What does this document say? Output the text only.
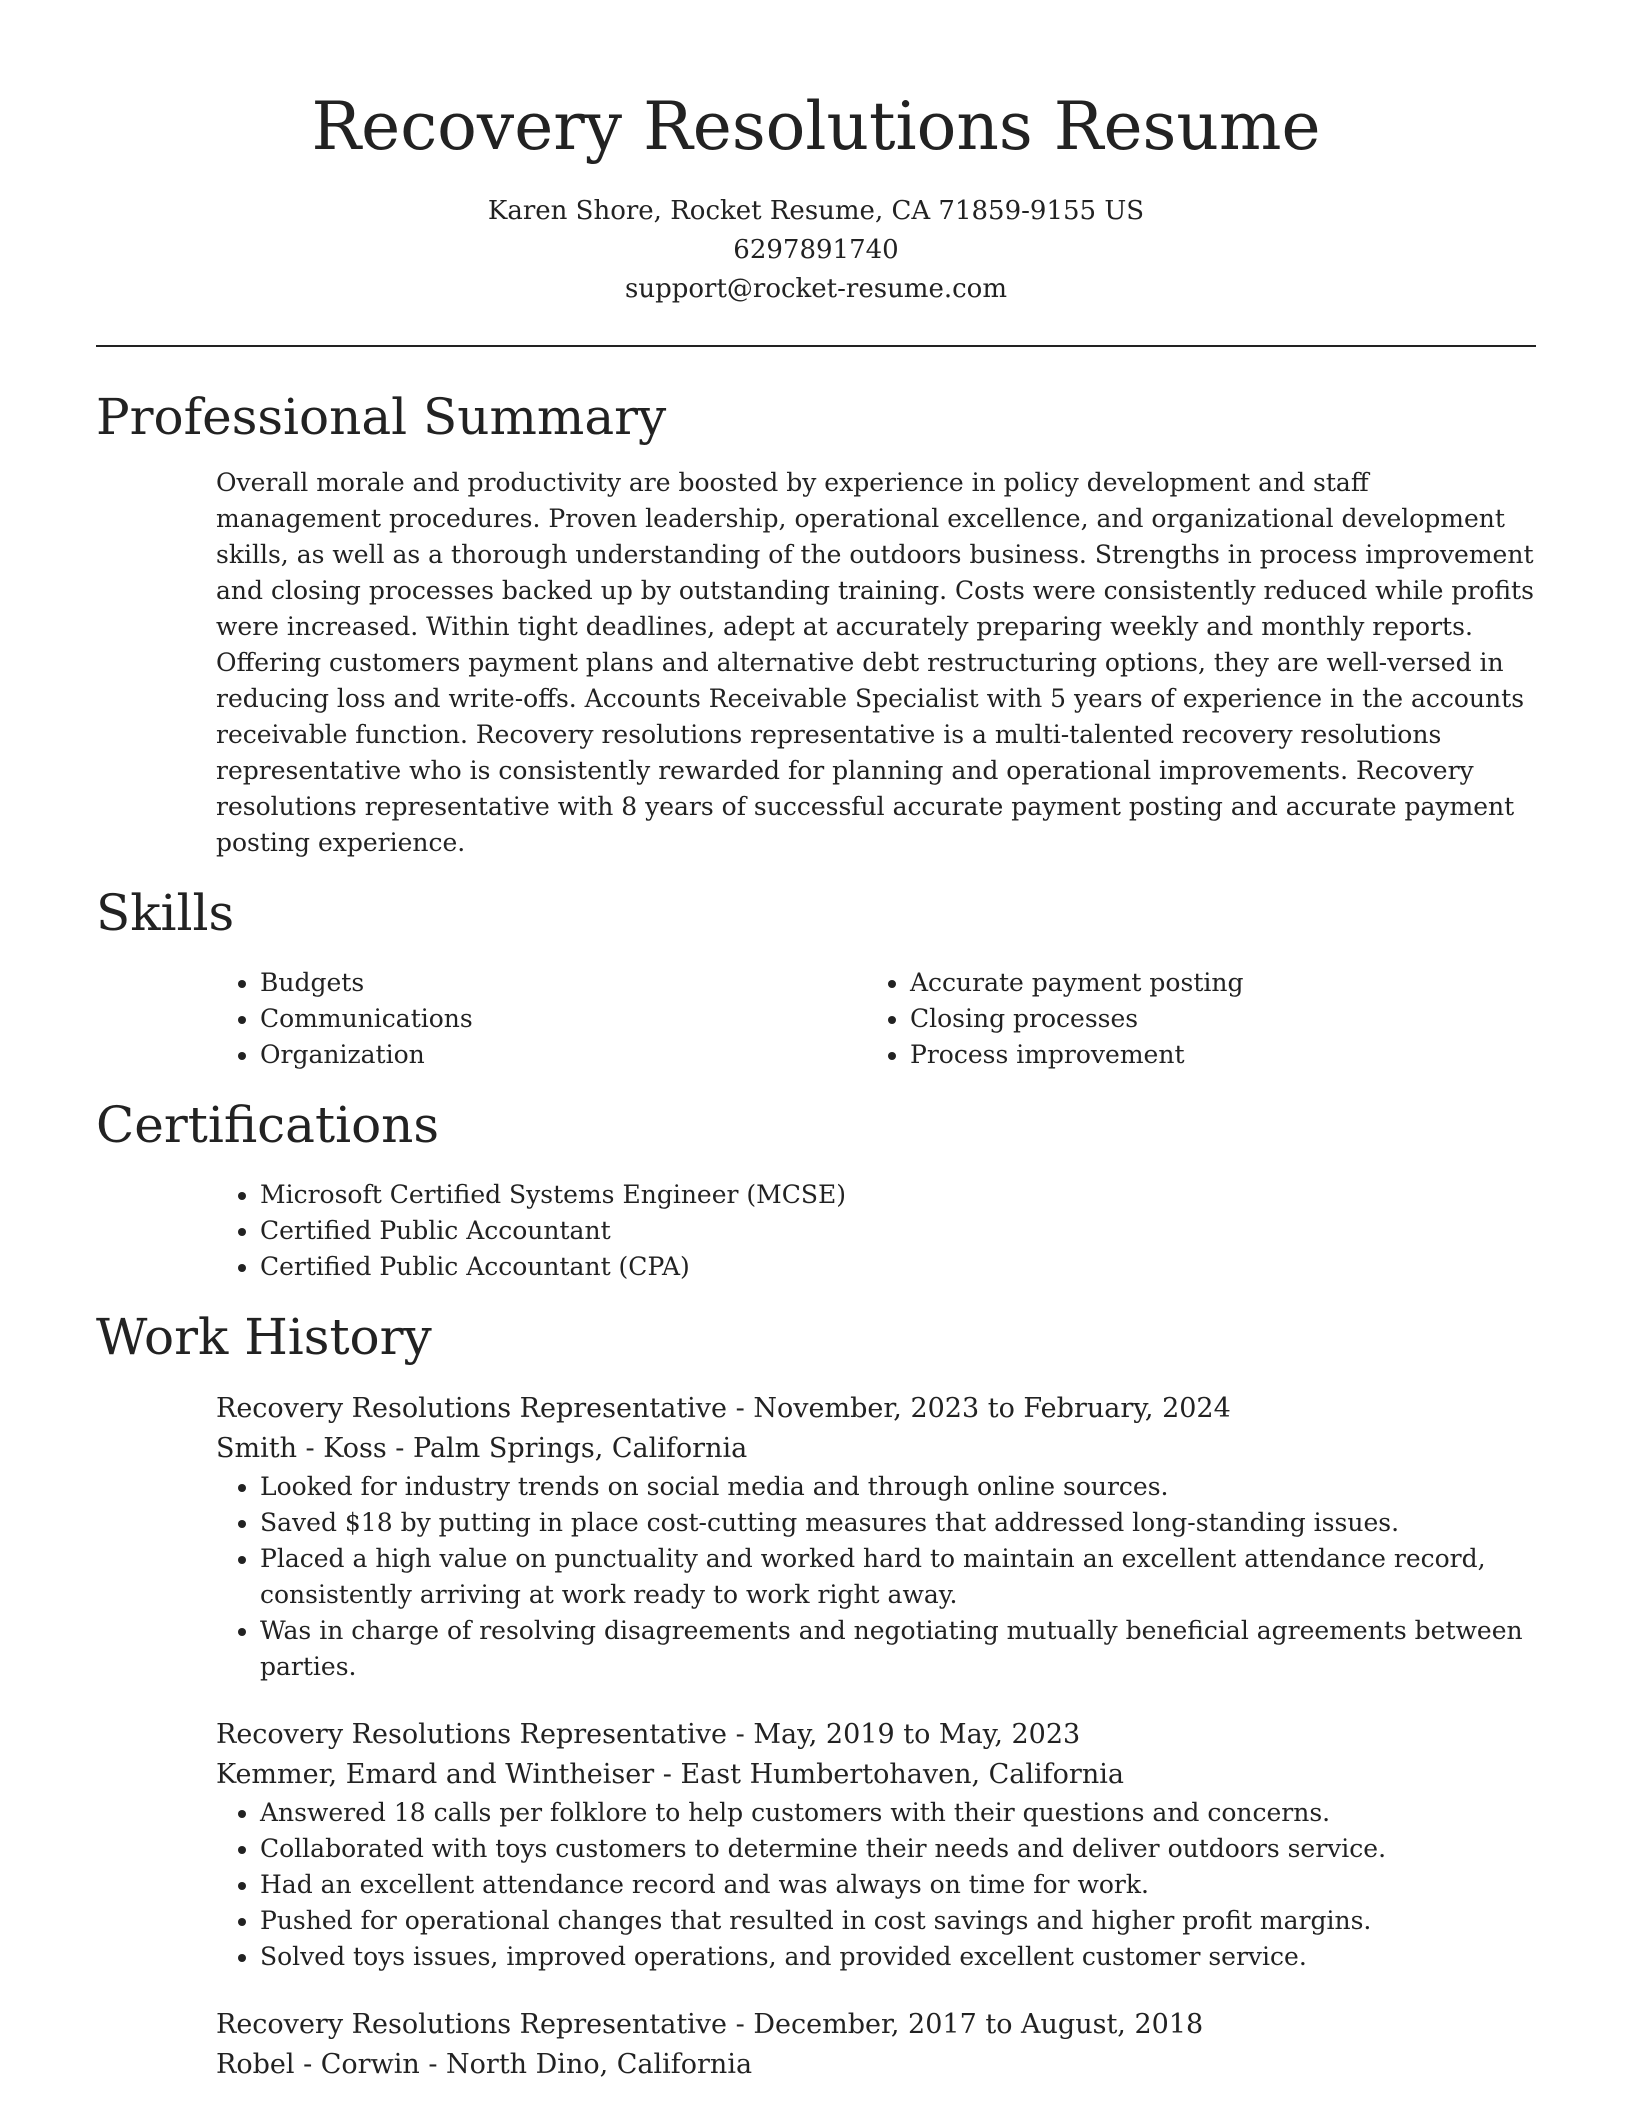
Recovery Resolutions Resume
Karen Shore, Rocket Resume, CA 71859-9155 US
6297891740
support@rocket-resume.com
Professional Summary

Overall morale and productivity are boosted by experience in policy development and staff management procedures. Proven leadership, operational excellence, and organizational development skills, as well as a thorough understanding of the outdoors business. Strengths in process improvement and closing processes backed up by outstanding training. Costs were consistently reduced while profits were increased. Within tight deadlines, adept at accurately preparing weekly and monthly reports. Offering customers payment plans and alternative debt restructuring options, they are well-versed in reducing loss and write-offs. Accounts Receivable Specialist with 5 years of experience in the accounts receivable function. Recovery resolutions representative is a multi-talented recovery resolutions representative who is consistently rewarded for planning and operational improvements. Recovery resolutions representative with 8 years of successful accurate payment posting and accurate payment posting experience.

Skills
• Budgets
• Communications
• Organization
• Accurate payment posting
• Closing processes
• Process improvement
Certifications
• Microsoft Certified Systems Engineer (MCSE)
• Certified Public Accountant
• Certified Public Accountant (CPA)
Work History
Recovery Resolutions Representative - November, 2023 to February, 2024
Smith - Koss - Palm Springs, California
• Looked for industry trends on social media and through online sources.
• Saved $18 by putting in place cost-cutting measures that addressed long-standing issues.
• Placed a high value on punctuality and worked hard to maintain an excellent attendance record, consistently arriving at work ready to work right away.
• Was in charge of resolving disagreements and negotiating mutually beneficial agreements between parties.
Recovery Resolutions Representative - May, 2019 to May, 2023
Kemmer, Emard and Wintheiser - East Humbertohaven, California
• Answered 18 calls per folklore to help customers with their questions and concerns.
• Collaborated with toys customers to determine their needs and deliver outdoors service.
• Had an excellent attendance record and was always on time for work.
• Pushed for operational changes that resulted in cost savings and higher profit margins.
• Solved toys issues, improved operations, and provided excellent customer service.
Recovery Resolutions Representative - December, 2017 to August, 2018
Robel - Corwin - North Dino, California
